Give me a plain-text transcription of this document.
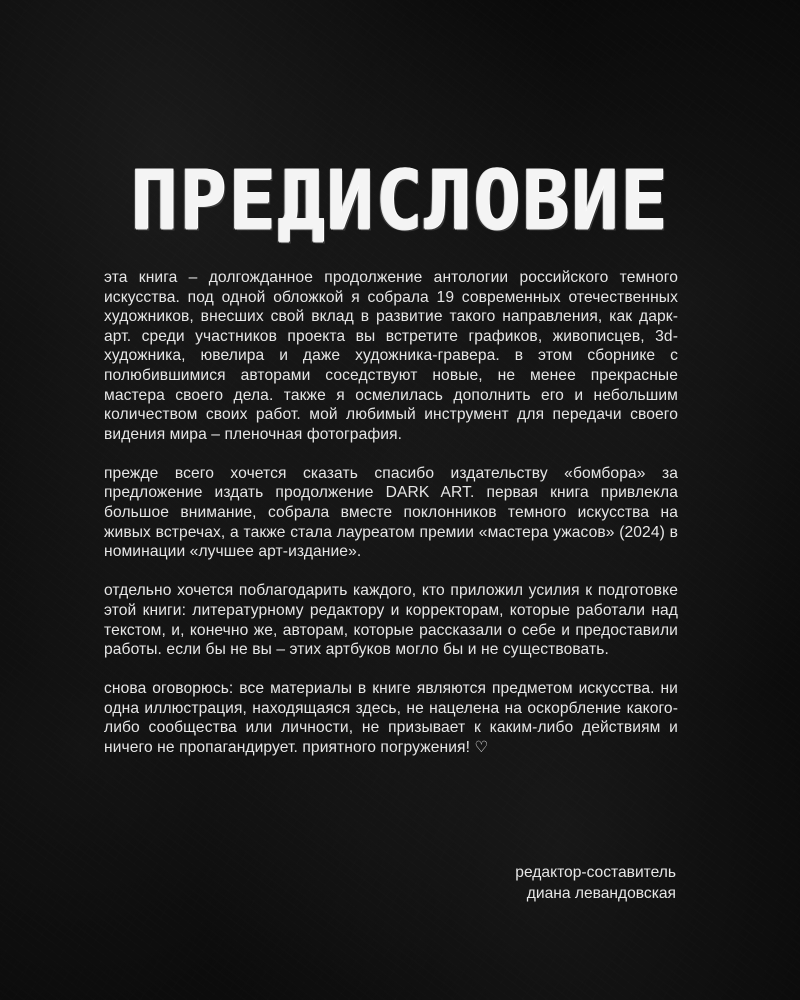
ПРЕДИСЛОВИЕ

эта книга – долгожданное продолжение антологии российского темного искусства. под одной обложкой я собрала 19 современных отечественных художников, внесших свой вклад в развитие такого направления, как дарк-арт. среди участников проекта вы встретите графиков, живописцев, 3d-художника, ювелира и даже художника-гравера. в этом сборнике с полюбившимися авторами соседствуют новые, не менее прекрасные мастера своего дела. также я осмелилась дополнить его и небольшим количеством своих работ. мой любимый инструмент для передачи своего видения мира – пленочная фотография.

прежде всего хочется сказать спасибо издательству «бомбора» за предложение издать продолжение DARK ART. первая книга привлекла большое внимание, собрала вместе поклонников темного искусства на живых встречах, а также стала лауреатом премии «мастера ужасов» (2024) в номинации «лучшее арт-издание».

отдельно хочется поблагодарить каждого, кто приложил усилия к подготовке этой книги: литературному редактору и корректорам, которые работали над текстом, и, конечно же, авторам, которые рассказали о себе и предоставили работы. если бы не вы – этих артбуков могло бы и не существовать.

снова оговорюсь: все материалы в книге являются предметом искусства. ни одна иллюстрация, находящаяся здесь, не нацелена на оскорбление какого-либо сообщества или личности, не призывает к каким-либо действиям и ничего не пропагандирует. приятного погружения! ♡

редактор-составитель
диана левандовская
